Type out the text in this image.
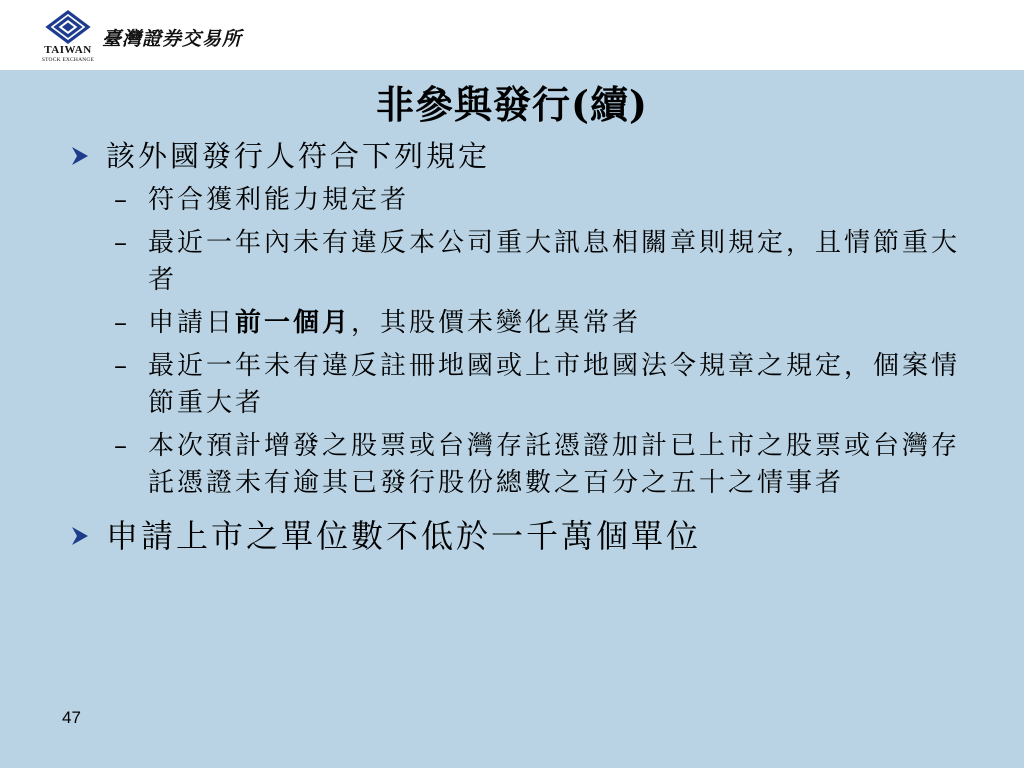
TAIWAN
STOCK EXCHANGE
臺灣證券交易所
非參與發行(續)
該外國發行人符合下列規定
– 符合獲利能力規定者
– 最近一年內未有違反本公司重大訊息相關章則規定，且情節重大者
– 申請日前一個月，其股價未變化異常者
– 最近一年未有違反註冊地國或上市地國法令規章之規定，個案情節重大者
– 本次預計增發之股票或台灣存託憑證加計已上市之股票或台灣存託憑證未有逾其已發行股份總數之百分之五十之情事者
申請上市之單位數不低於一千萬個單位
47
